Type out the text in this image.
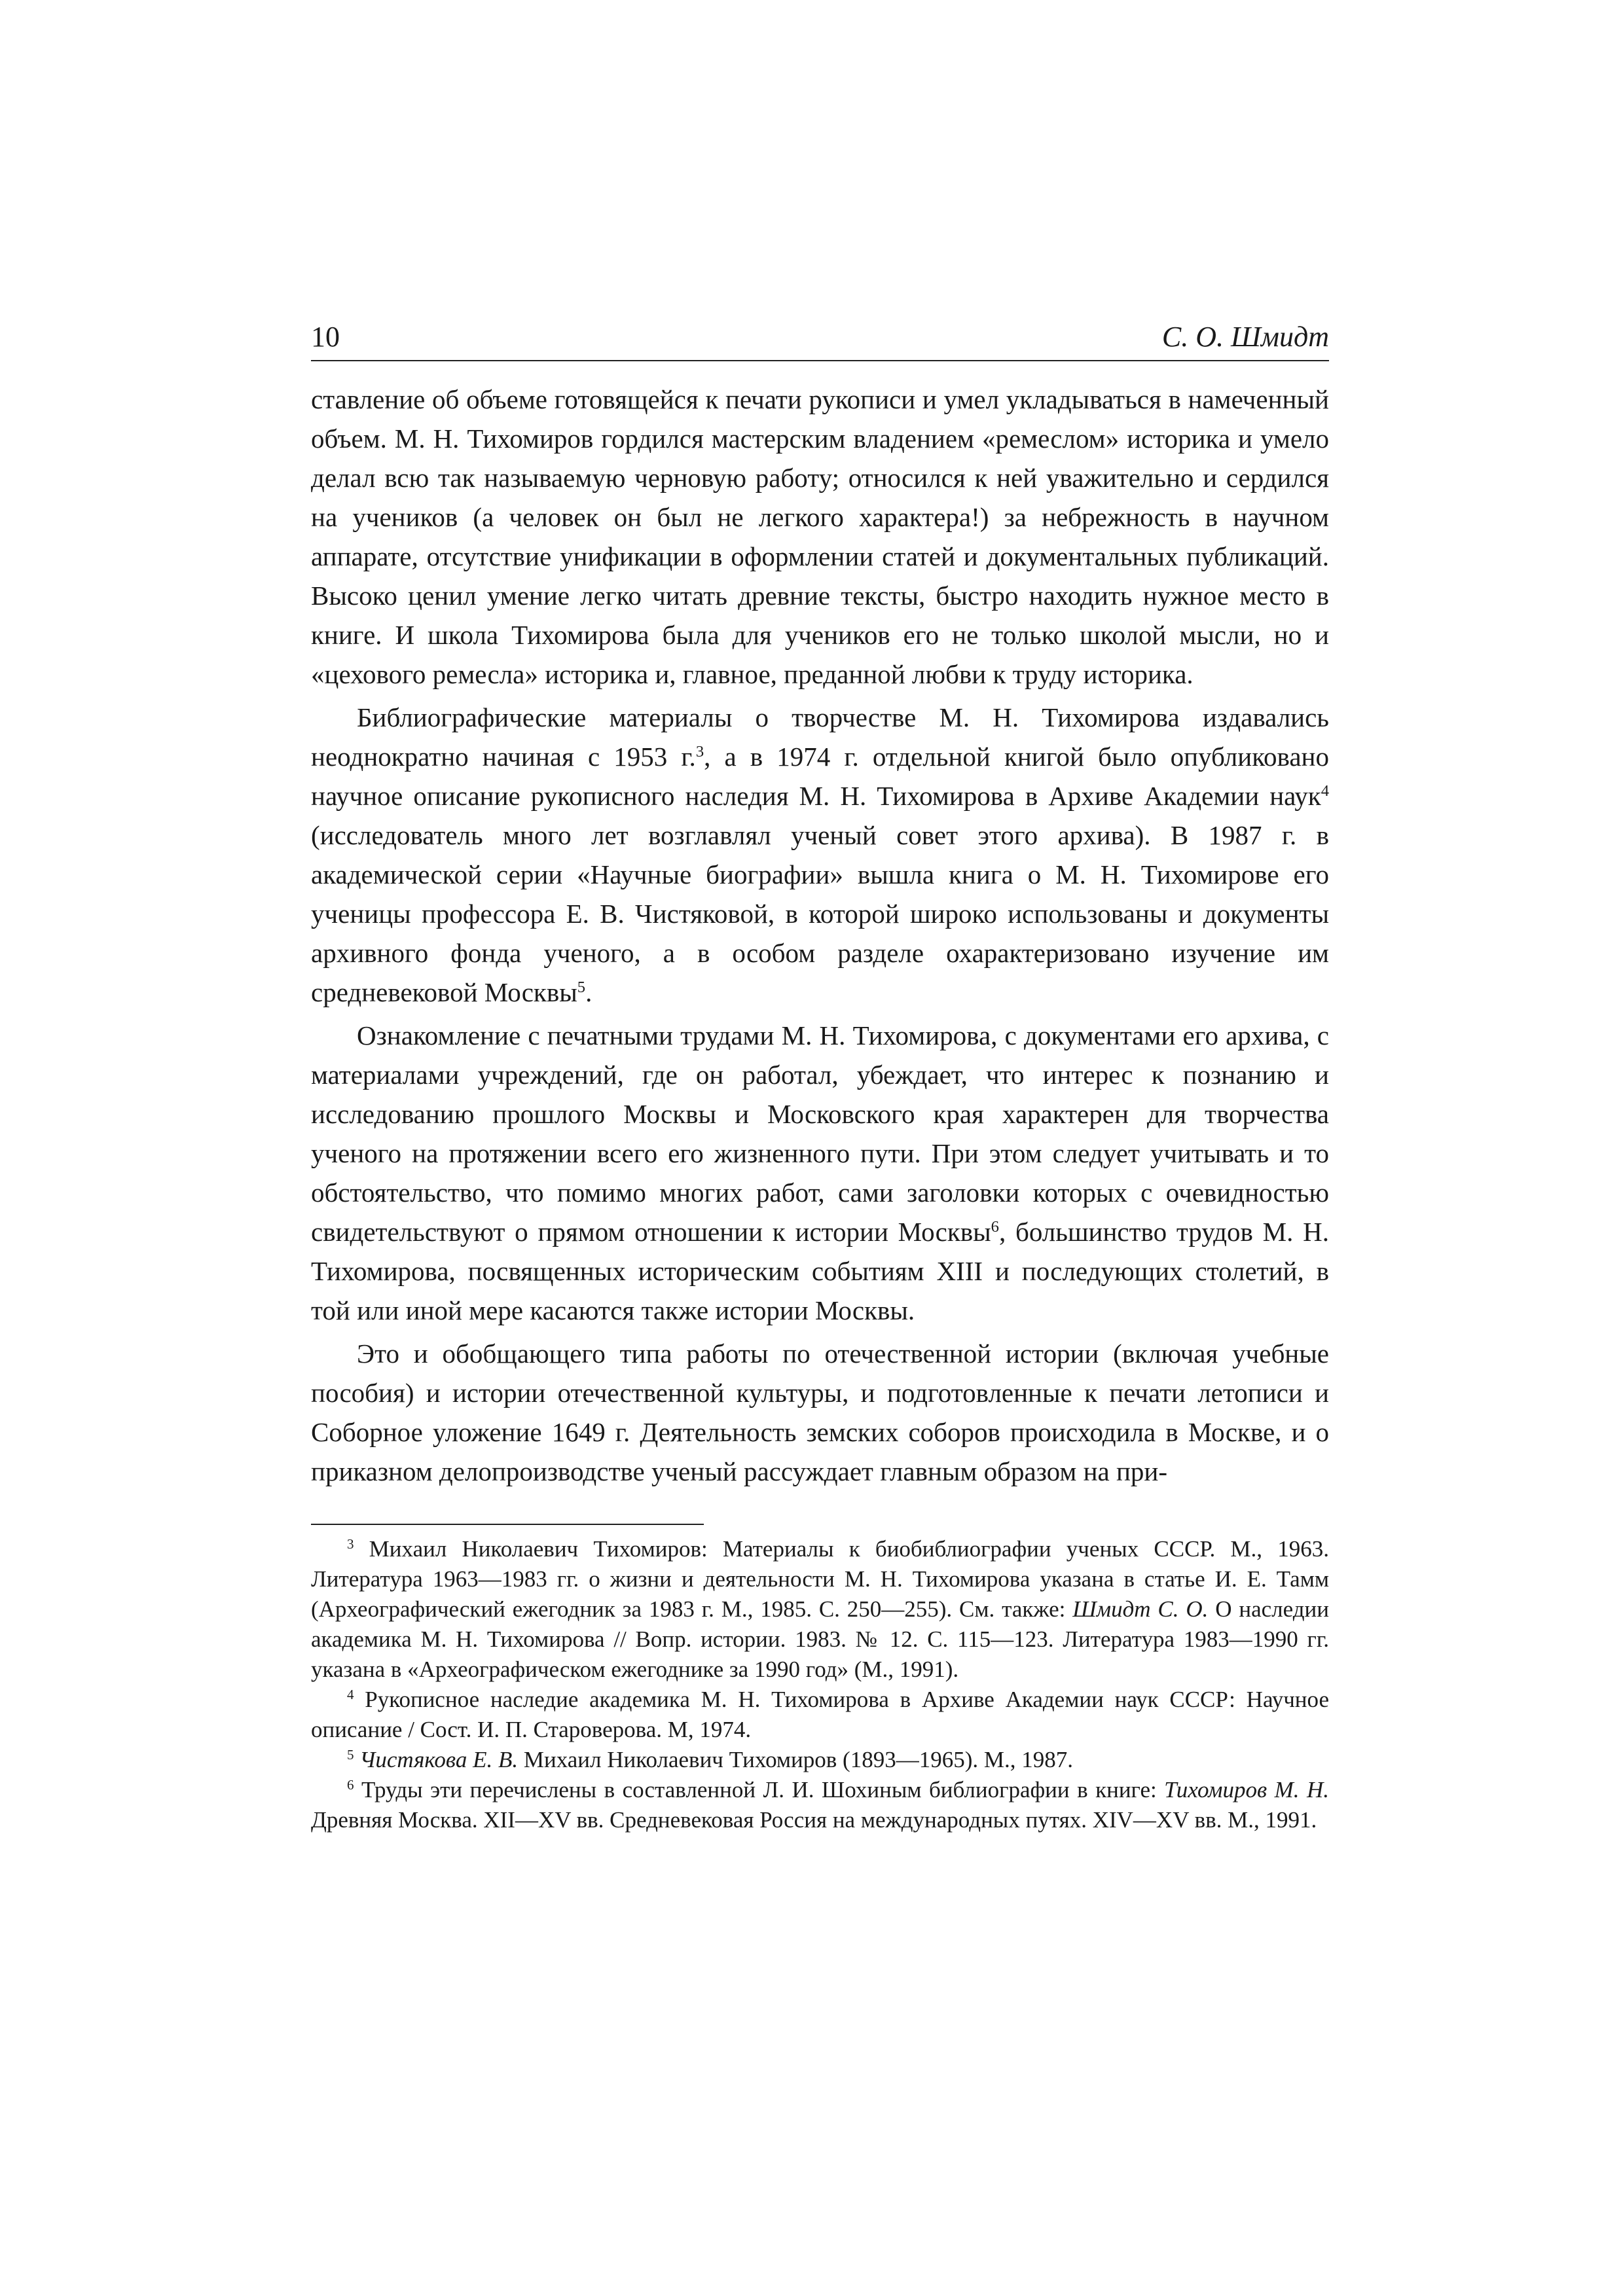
10	С. О. Шмидт

ставление об объеме готовящейся к печати рукописи и умел укладываться в намеченный объем. М. Н. Тихомиров гордился мастерским владением «ремеслом» историка и умело делал всю так называемую черновую работу; относился к ней уважительно и сердился на учеников (а человек он был не легкого характера!) за небрежность в научном аппарате, отсутствие унификации в оформлении статей и документальных публикаций. Высоко ценил умение легко читать древние тексты, быстро находить нужное место в книге. И школа Тихомирова была для учеников его не только школой мысли, но и «цехового ремесла» историка и, главное, преданной любви к труду историка.

Библиографические материалы о творчестве М. Н. Тихомирова издавались неоднократно начиная с 1953 г.$^3$, а в 1974 г. отдельной книгой было опубликовано научное описание рукописного наследия М. Н. Тихомирова в Архиве Академии наук$^4$ (исследователь много лет возглавлял ученый совет этого архива). В 1987 г. в академической серии «Научные биографии» вышла книга о М. Н. Тихомирове его ученицы профессора Е. В. Чистяковой, в которой широко использованы и документы архивного фонда ученого, а в особом разделе охарактеризовано изучение им средневековой Москвы$^5$.

Ознакомление с печатными трудами М. Н. Тихомирова, с документами его архива, с материалами учреждений, где он работал, убеждает, что интерес к познанию и исследованию прошлого Москвы и Московского края характерен для творчества ученого на протяжении всего его жизненного пути. При этом следует учитывать и то обстоятельство, что помимо многих работ, сами заголовки которых с очевидностью свидетельствуют о прямом отношении к истории Москвы$^6$, большинство трудов М. Н. Тихомирова, посвященных историческим событиям XIII и последующих столетий, в той или иной мере касаются также истории Москвы.

Это и обобщающего типа работы по отечественной истории (включая учебные пособия) и истории отечественной культуры, и подготовленные к печати летописи и Соборное уложение 1649 г. Деятельность земских соборов происходила в Москве, и о приказном делопроизводстве ученый рассуждает главным образом на при-

$^3$ Михаил Николаевич Тихомиров: Материалы к биобиблиографии ученых СССР. М., 1963. Литература 1963—1983 гг. о жизни и деятельности М. Н. Тихомирова указана в статье И. Е. Тамм (Археографический ежегодник за 1983 г. М., 1985. С. 250—255). См. также: Шмидт С. О. О наследии академика М. Н. Тихомирова // Вопр. истории. 1983. № 12. С. 115—123. Литература 1983—1990 гг. указана в «Археографическом ежегоднике за 1990 год» (М., 1991).

$^4$ Рукописное наследие академика М. Н. Тихомирова в Архиве Академии наук СССР: Научное описание / Сост. И. П. Староверова. М, 1974.

$^5$ Чистякова Е. В. Михаил Николаевич Тихомиров (1893—1965). М., 1987.

$^6$ Труды эти перечислены в составленной Л. И. Шохиным библиографии в книге: Тихомиров М. Н. Древняя Москва. XII—XV вв. Средневековая Россия на международных путях. XIV—XV вв. М., 1991.
